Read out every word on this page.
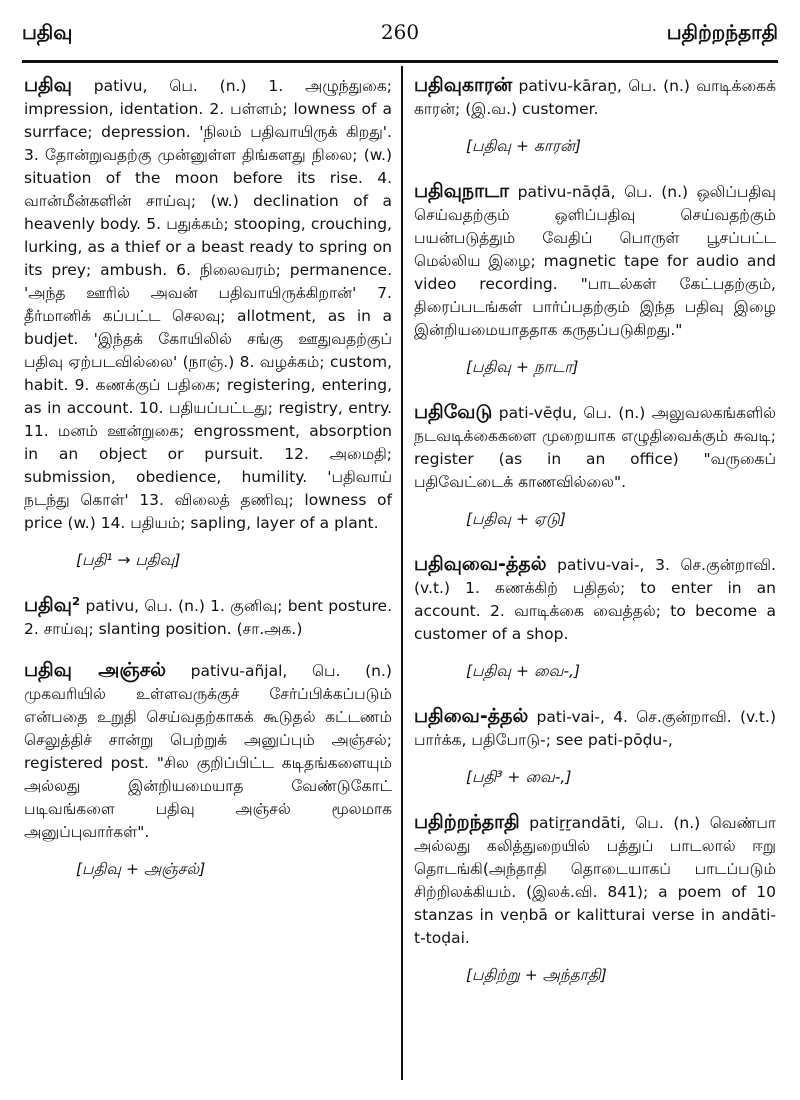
பதிவு	260	பதிற்றந்தாதி
பதிவு pativu, பெ. (n.) 1. அழுந்துகை; impression, identation. 2. பள்ளம்; lowness of a surrface; depression. 'நிலம் பதிவாயிருக் கிறது'. 3. தோன்றுவதற்கு முன்னுள்ள திங்களது நிலை; (w.) situation of the moon before its rise. 4. வான்மீன்களின் சாய்வு; (w.) declination of a heavenly body. 5. பதுக்கம்; stooping, crouching, lurking, as a thief or a beast ready to spring on its prey; ambush. 6. நிலைவரம்; permanence. 'அந்த ஊரில் அவன் பதிவாயிருக்கிறான்' 7. தீர்மானிக் கப்பட்ட செலவு; allotment, as in a budjet. 'இந்தக் கோயிலில் சங்கு ஊதுவதற்குப் பதிவு ஏற்படவில்லை' (நாஞ்.) 8. வழக்கம்; custom, habit. 9. கணக்குப் பதிகை; registering, entering, as in account. 10. பதியப்பட்டது; registry, entry. 11. மனம் ஊன்றுகை; engrossment, absorption in an object or pursuit. 12. அமைதி; submission, obedience, humility. 'பதிவாய் நடந்து கொள்' 13. விலைத் தணிவு; lowness of price (w.) 14. பதியம்; sapling, layer of a plant.
[பதி¹ → பதிவு]
பதிவு² pativu, பெ. (n.) 1. குனிவு; bent posture. 2. சாய்வு; slanting position. (சா.அக.)
பதிவு அஞ்சல் pativu-añjal, பெ. (n.) முகவரியில் உள்ளவருக்குச் சேர்ப்பிக்கப்படும் என்பதை உறுதி செய்வதற்காகக் கூடுதல் கட்டணம் செலுத்திச் சான்று பெற்றுக் அனுப்பும் அஞ்சல்; registered post. "சில குறிப்பிட்ட கடிதங்களையும் அல்லது இன்றியமையாத வேண்டுகோட் படிவங்களை பதிவு அஞ்சல் மூலமாக அனுப்புவார்கள்".
[பதிவு + அஞ்சல்]
பதிவுகாரன் pativu-kāraṉ, பெ. (n.) வாடிக்கைக் காரன்; (இ.வ.) customer.
[பதிவு + காரன்]
பதிவுநாடா pativu-nāḍā, பெ. (n.) ஒலிப்பதிவு செய்வதற்கும் ஒளிப்பதிவு செய்வதற்கும் பயன்படுத்தும் வேதிப் பொருள் பூசப்பட்ட மெல்லிய இழை; magnetic tape for audio and video recording. "பாடல்கள் கேட்பதற்கும், திரைப்படங்கள் பார்ப்பதற்கும் இந்த பதிவு இழை இன்றியமையாததாக கருதப்படுகிறது."
[பதிவு + நாடா]
பதிவேடு pati-vēḍu, பெ. (n.) அலுவலகங்களில் நடவடிக்கைகளை முறையாக எழுதிவைக்கும் சுவடி; register (as in an office) "வருகைப் பதிவேட்டைக் காணவில்லை".
[பதிவு + ஏடு]
பதிவுவை-த்தல் pativu-vai-, 3. செ.குன்றாவி. (v.t.) 1. கணக்கிற் பதிதல்; to enter in an account. 2. வாடிக்கை வைத்தல்; to become a customer of a shop.
[பதிவு + வை-,]
பதிவை-த்தல் pati-vai-, 4. செ.குன்றாவி. (v.t.) பார்க்க, பதிபோடு-; see pati-pōḍu-,
[பதி³ + வை-,]
பதிற்றந்தாதி patiṟṟandāti, பெ. (n.) வெண்பா அல்லது கலித்துறையில் பத்துப் பாடலால் ஈறு தொடங்கி(அந்தாதி தொடையாகப் பாடப்படும் சிற்றிலக்கியம். (இலக்.வி. 841); a poem of 10 stanzas in veṇbā or kalitturai verse in andāti-t-toḍai.
[பதிற்று + அந்தாதி]
